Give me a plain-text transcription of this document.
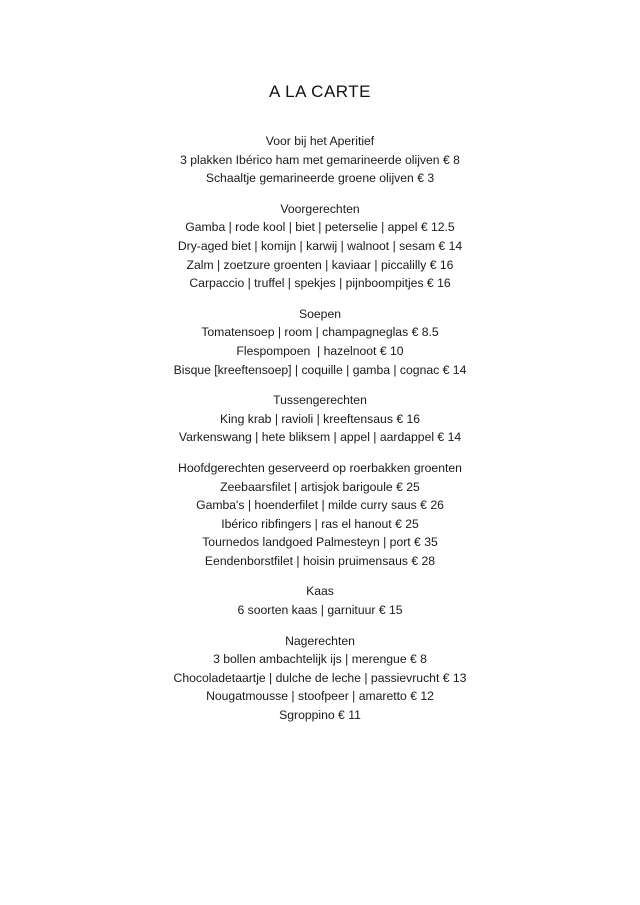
A LA CARTE
Voor bij het Aperitief
3 plakken Ibérico ham met gemarineerde olijven € 8
Schaaltje gemarineerde groene olijven € 3
Voorgerechten
Gamba | rode kool | biet | peterselie | appel € 12.5
Dry-aged biet | komijn | karwij | walnoot | sesam € 14
Zalm | zoetzure groenten | kaviaar | piccalilly € 16
Carpaccio | truffel | spekjes | pijnboompitjes € 16
Soepen
Tomatensoep | room | champagneglas € 8.5
Flespompoen  | hazelnoot € 10
Bisque [kreeftensoep] | coquille | gamba | cognac € 14
Tussengerechten
King krab | ravioli | kreeftensaus € 16
Varkenswang | hete bliksem | appel | aardappel € 14
Hoofdgerechten geserveerd op roerbakken groenten
Zeebaarsfilet | artisjok barigoule € 25
Gamba's | hoenderfilet | milde curry saus € 26
Ibérico ribfingers | ras el hanout € 25
Tournedos landgoed Palmesteyn | port € 35
Eendenborstfilet | hoisin pruimensaus € 28
Kaas
6 soorten kaas | garnituur € 15
Nagerechten
3 bollen ambachtelijk ijs | merengue € 8
Chocoladetaartje | dulche de leche | passievrucht € 13
Nougatmousse | stoofpeer | amaretto € 12
Sgroppino € 11
